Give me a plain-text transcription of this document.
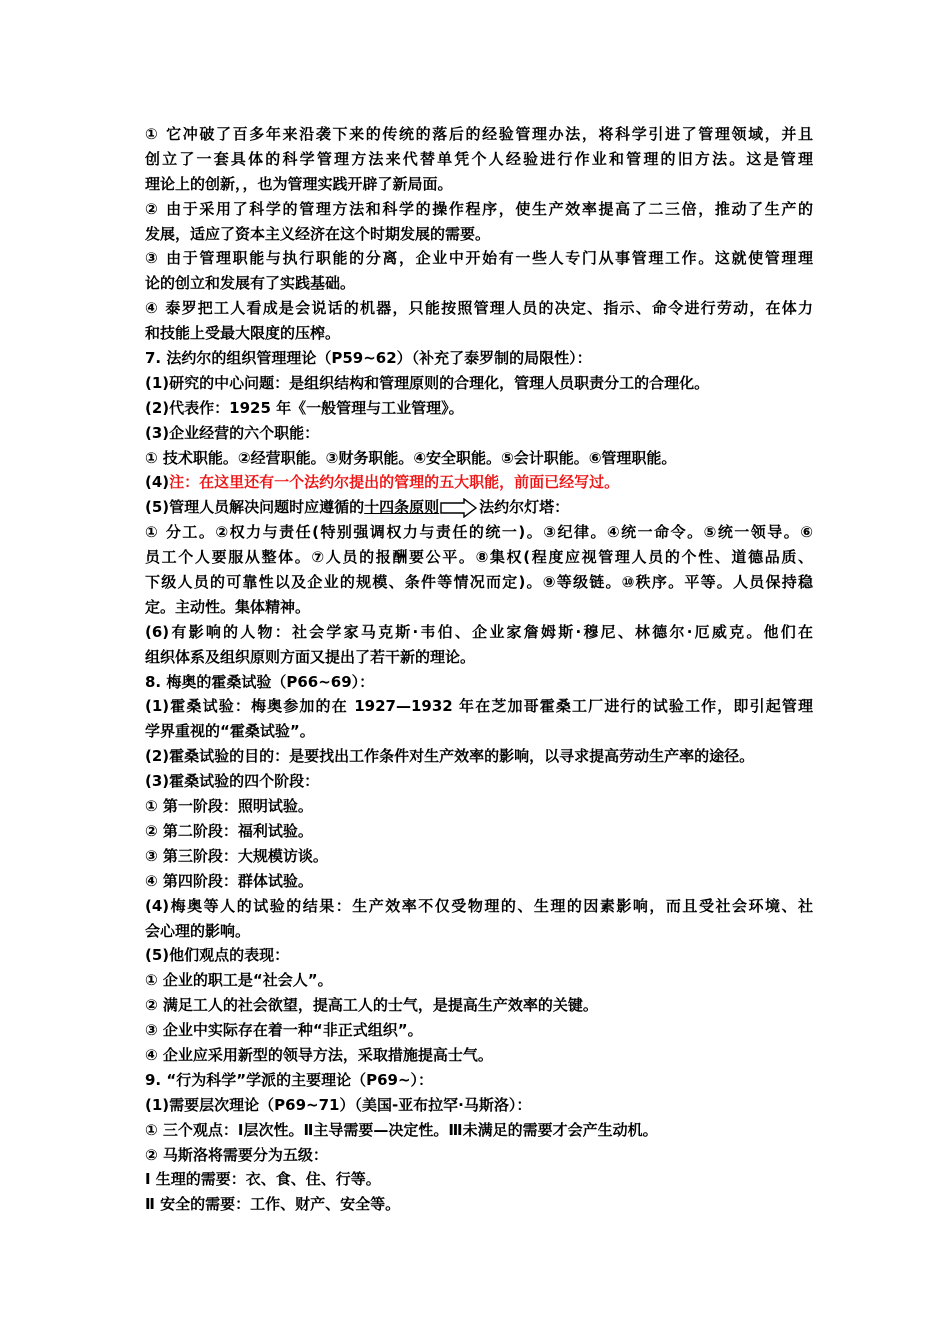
① 它冲破了百多年来沿袭下来的传统的落后的经验管理办法，将科学引进了管理领域，并且
创立了一套具体的科学管理方法来代替单凭个人经验进行作业和管理的旧方法。这是管理
理论上的创新，，也为管理实践开辟了新局面。
② 由于采用了科学的管理方法和科学的操作程序，使生产效率提高了二三倍，推动了生产的
发展，适应了资本主义经济在这个时期发展的需要。
③ 由于管理职能与执行职能的分离，企业中开始有一些人专门从事管理工作。这就使管理理
论的创立和发展有了实践基础。
④ 泰罗把工人看成是会说话的机器，只能按照管理人员的决定、指示、命令进行劳动，在体力
和技能上受最大限度的压榨。
7. 法约尔的组织管理理论（P59~62）（补充了泰罗制的局限性）：
(1)研究的中心问题：是组织结构和管理原则的合理化，管理人员职责分工的合理化。
(2)代表作：1925 年《一般管理与工业管理》。
(3)企业经营的六个职能：
① 技术职能。②经营职能。③财务职能。④安全职能。⑤会计职能。⑥管理职能。
(4)注：在这里还有一个法约尔提出的管理的五大职能，前面已经写过。
(5)管理人员解决问题时应遵循的十四条原则	法约尔灯塔：
① 分工。②权力与责任(特别强调权力与责任的统一)。③纪律。④统一命令。⑤统一领导。⑥
员工个人要服从整体。⑦人员的报酬要公平。⑧集权(程度应视管理人员的个性、道德品质、
下级人员的可靠性以及企业的规模、条件等情况而定)。⑨等级链。⑩秩序。平等。人员保持稳
定。主动性。集体精神。
(6)有影响的人物：社会学家马克斯·韦伯、企业家詹姆斯·穆尼、林德尔·厄威克。他们在
组织体系及组织原则方面又提出了若干新的理论。
8. 梅奥的霍桑试验（P66~69）：
(1)霍桑试验：梅奥参加的在 1927—1932 年在芝加哥霍桑工厂进行的试验工作，即引起管理
学界重视的“霍桑试验”。
(2)霍桑试验的目的：是要找出工作条件对生产效率的影响，以寻求提高劳动生产率的途径。
(3)霍桑试验的四个阶段：
① 第一阶段：照明试验。
② 第二阶段：福利试验。
③ 第三阶段：大规模访谈。
④ 第四阶段：群体试验。
(4)梅奥等人的试验的结果：生产效率不仅受物理的、生理的因素影响，而且受社会环境、社
会心理的影响。
(5)他们观点的表现：
① 企业的职工是“社会人”。
② 满足工人的社会欲望，提高工人的士气，是提高生产效率的关键。
③ 企业中实际存在着一种“非正式组织”。
④ 企业应采用新型的领导方法，采取措施提高士气。
9. “行为科学”学派的主要理论（P69~）：
(1)需要层次理论（P69~71）（美国-亚布拉罕·马斯洛）：
① 三个观点：Ⅰ层次性。Ⅱ主导需要—决定性。Ⅲ未满足的需要才会产生动机。
② 马斯洛将需要分为五级：
Ⅰ 生理的需要：衣、食、住、行等。
Ⅱ 安全的需要：工作、财产、安全等。
